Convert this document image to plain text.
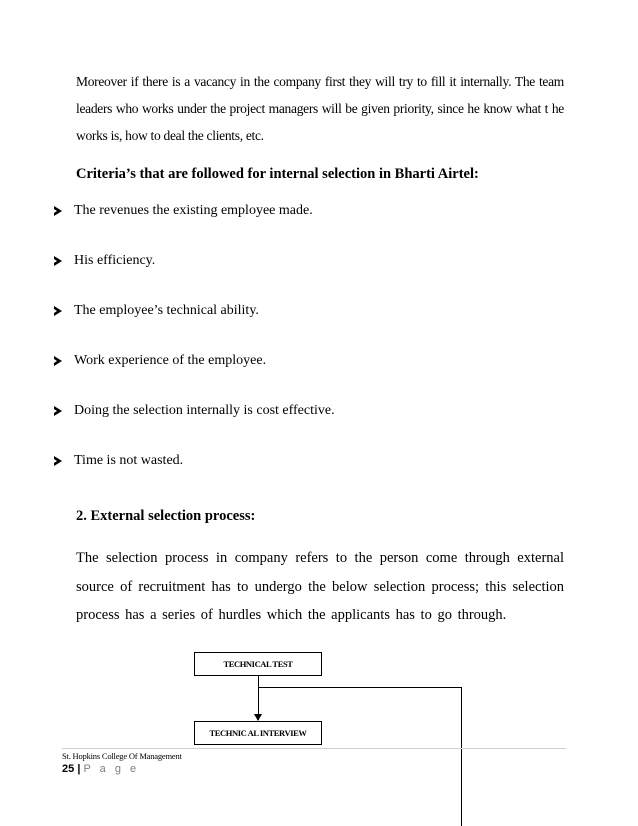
Moreover if there is a vacancy in the company first they will try to fill it internally. The team leaders who works under the project managers will be given priority, since he know what t he works is, how to deal the clients, etc.
Criteria’s that are followed for internal selection in Bharti Airtel:
The revenues the existing employee made.
His efficiency.
The employee’s technical ability.
Work experience of the employee.
Doing the selection internally is cost effective.
Time is not wasted.
2. External selection process:
The selection process in company refers to the person come through external source of recruitment has to undergo the below selection process; this selection process has a series of hurdles which the applicants has to go through.
TECHNICAL TEST
TECHNIC AL INTERVIEW
St. Hopkins College Of Management
25 | P a g e
